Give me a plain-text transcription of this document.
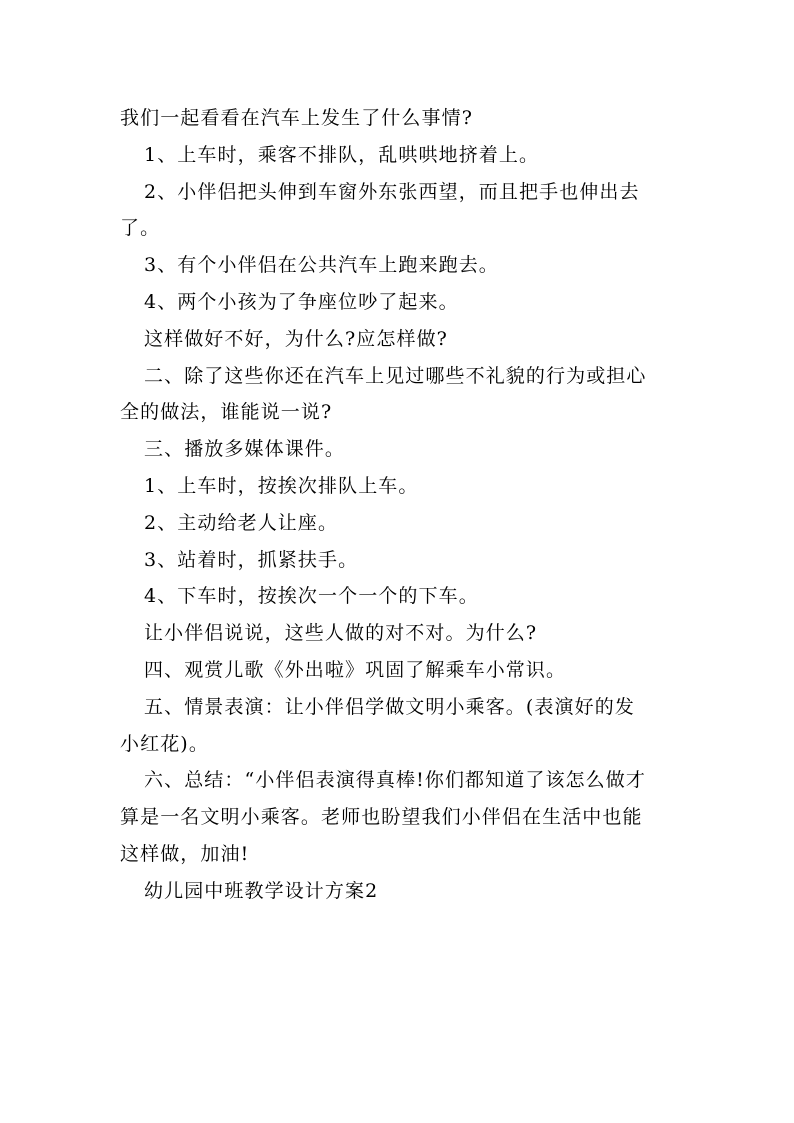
我们一起看看在汽车上发生了什么事情?

1、上车时，乘客不排队，乱哄哄地挤着上。

2、小伴侣把头伸到车窗外东张西望，而且把手也伸出去

了。

3、有个小伴侣在公共汽车上跑来跑去。

4、两个小孩为了争座位吵了起来。

这样做好不好，为什么?应怎样做?

二、除了这些你还在汽车上见过哪些不礼貌的行为或担心

全的做法，谁能说一说?

三、播放多媒体课件。

1、上车时，按挨次排队上车。

2、主动给老人让座。

3、站着时，抓紧扶手。

4、下车时，按挨次一个一个的下车。

让小伴侣说说，这些人做的对不对。为什么?

四、观赏儿歌《外出啦》巩固了解乘车小常识。

五、情景表演：让小伴侣学做文明小乘客。(表演好的发

小红花)。

六、总结：“小伴侣表演得真棒!你们都知道了该怎么做才

算是一名文明小乘客。老师也盼望我们小伴侣在生活中也能

这样做，加油!

幼儿园中班教学设计方案2
